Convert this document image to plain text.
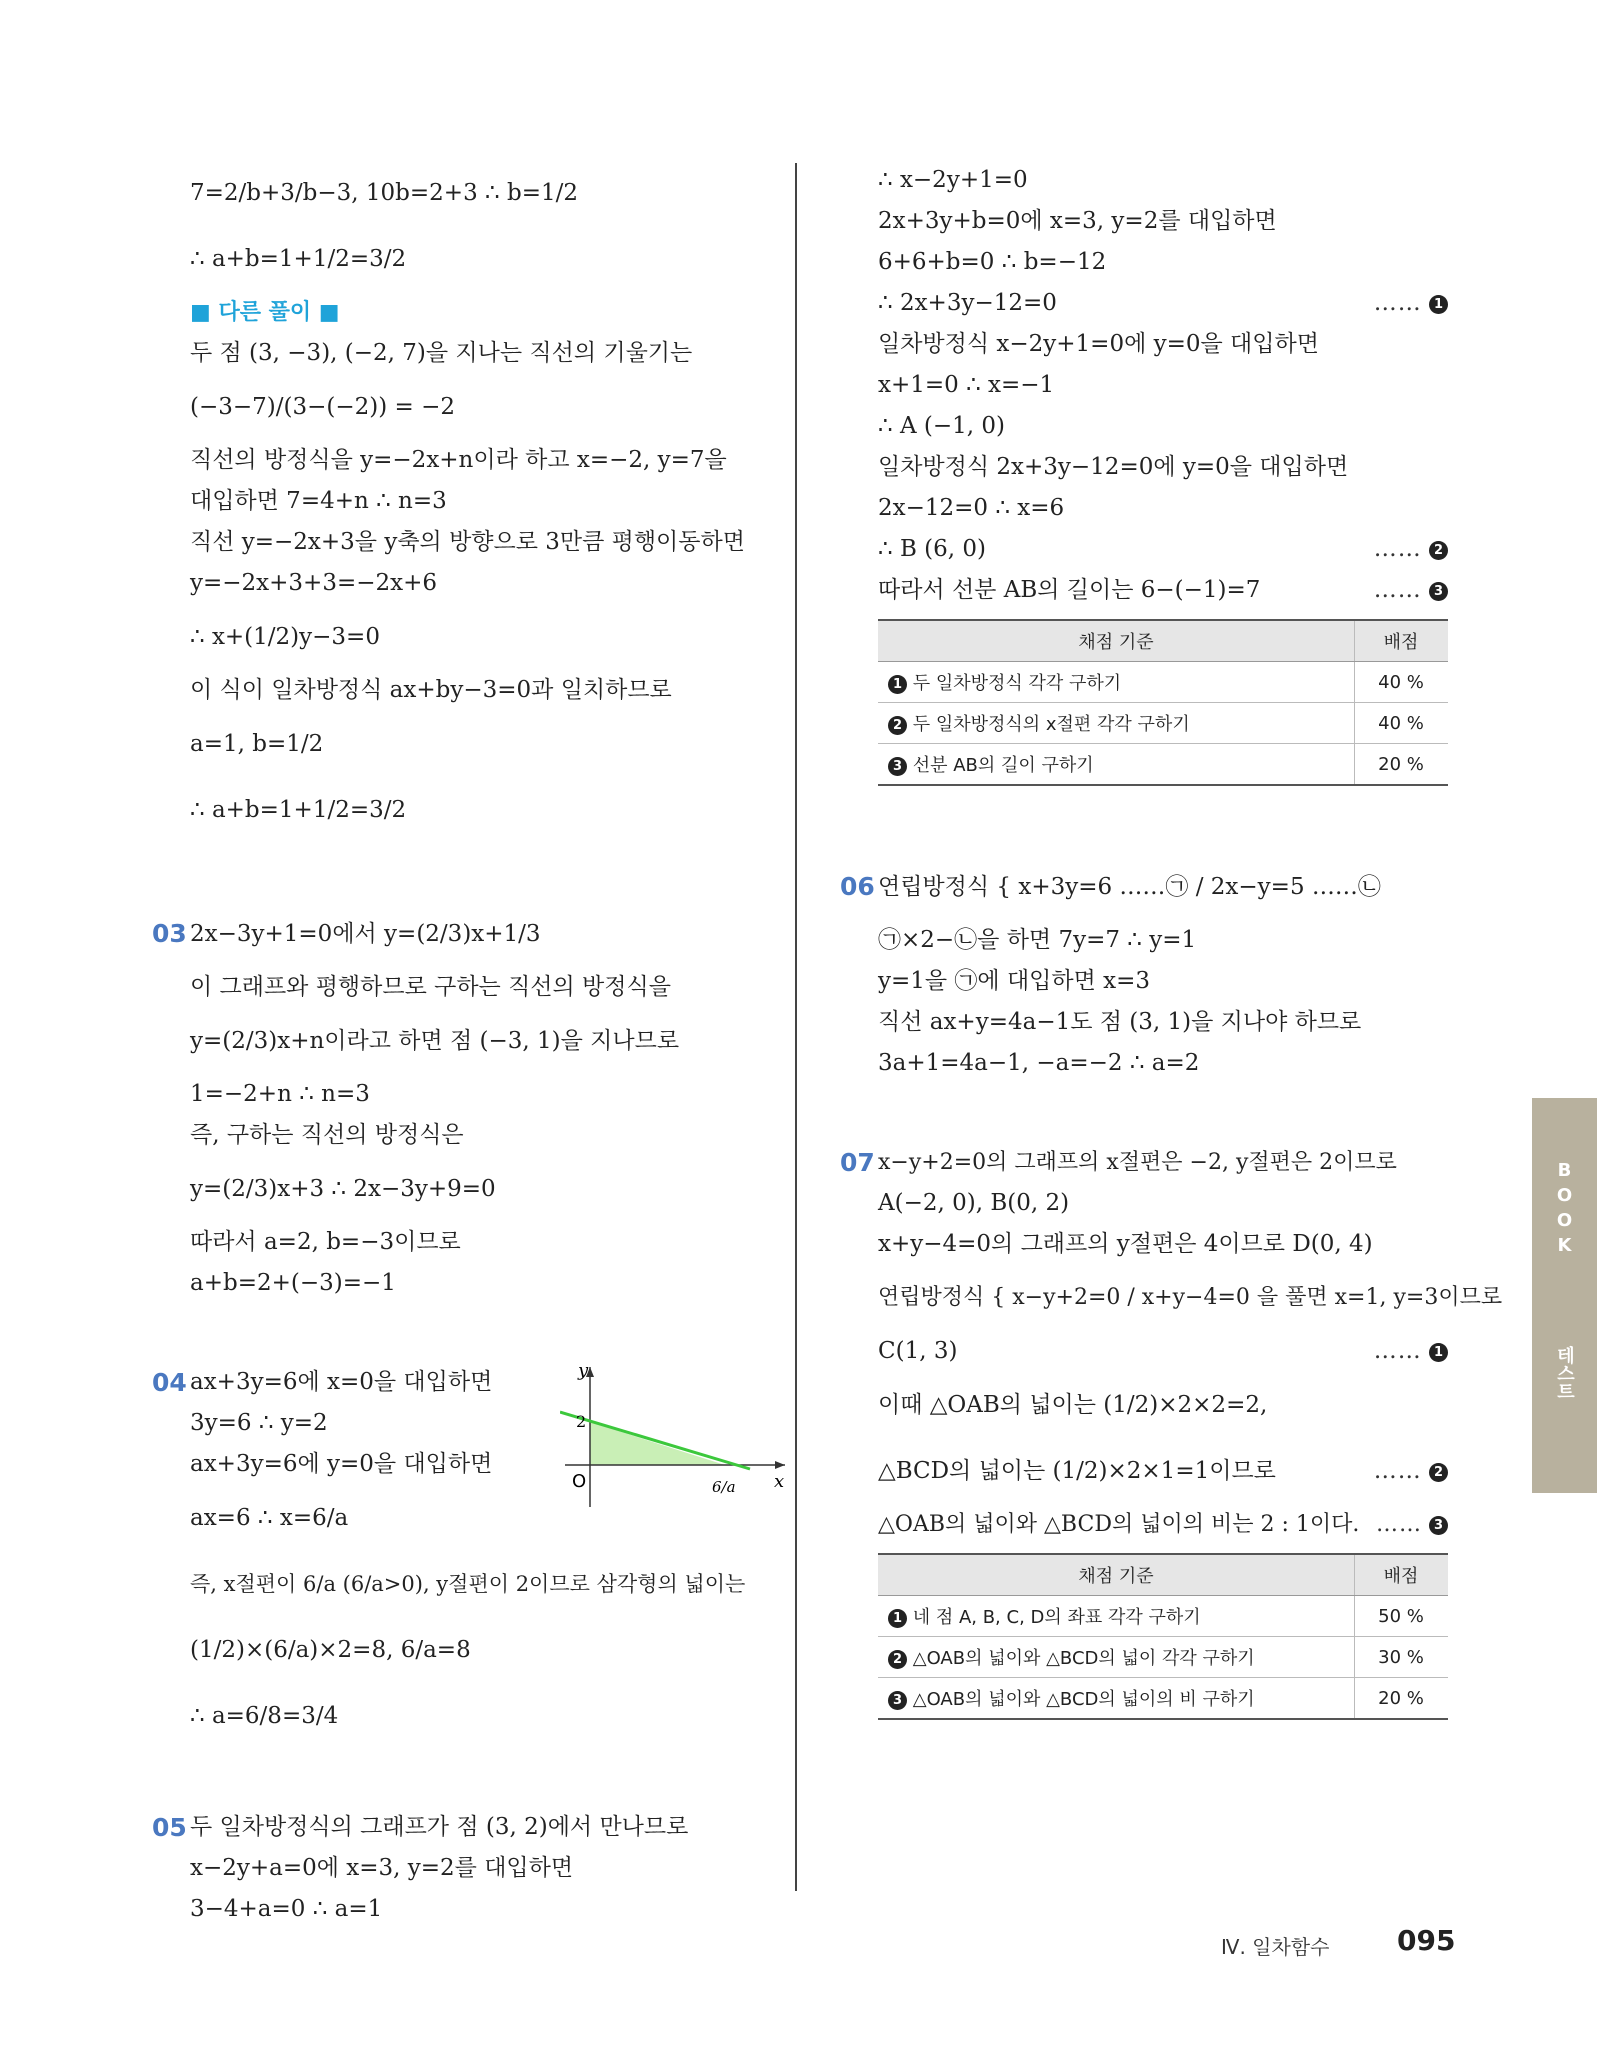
7=2/b+3/b−3, 10b=2+3 ∴ b=1/2
∴ a+b=1+1/2=3/2
■ 다른 풀이 ■
두 점 (3, −3), (−2, 7)을 지나는 직선의 기울기는
(−3−7)/(3−(−2)) = −2
직선의 방정식을 y=−2x+n이라 하고 x=−2, y=7을
대입하면 7=4+n ∴ n=3
직선 y=−2x+3을 y축의 방향으로 3만큼 평행이동하면
y=−2x+3+3=−2x+6
∴ x+(1/2)y−3=0
이 식이 일차방정식 ax+by−3=0과 일치하므로
a=1, b=1/2
∴ a+b=1+1/2=3/2
03 2x−3y+1=0에서 y=(2/3)x+1/3
이 그래프와 평행하므로 구하는 직선의 방정식을
y=(2/3)x+n이라고 하면 점 (−3, 1)을 지나므로
1=−2+n ∴ n=3
즉, 구하는 직선의 방정식은
y=(2/3)x+3 ∴ 2x−3y+9=0
따라서 a=2, b=−3이므로
a+b=2+(−3)=−1
y
x
O
2
6/a
04 ax+3y=6에 x=0을 대입하면
3y=6 ∴ y=2
ax+3y=6에 y=0을 대입하면
ax=6 ∴ x=6/a
즉, x절편이 6/a (6/a>0), y절편이 2이므로 삼각형의 넓이는
(1/2)×(6/a)×2=8, 6/a=8
∴ a=6/8=3/4
05 두 일차방정식의 그래프가 점 (3, 2)에서 만나므로
x−2y+a=0에 x=3, y=2를 대입하면
3−4+a=0 ∴ a=1
∴ x−2y+1=0
2x+3y+b=0에 x=3, y=2를 대입하면
6+6+b=0 ∴ b=−12
∴ 2x+3y−12=0	…… 1
일차방정식 x−2y+1=0에 y=0을 대입하면
x+1=0 ∴ x=−1
∴ A (−1, 0)
일차방정식 2x+3y−12=0에 y=0을 대입하면
2x−12=0 ∴ x=6
∴ B (6, 0)	…… 2
따라서 선분 AB의 길이는 6−(−1)=7	…… 3
채점 기준	배점
1 두 일차방정식 각각 구하기	40 %
2 두 일차방정식의 x절편 각각 구하기	40 %
3 선분 AB의 길이 구하기	20 %
06 연립방정식 { x+3y=6 ……㉠ / 2x−y=5 ……㉡
㉠×2−㉡을 하면 7y=7 ∴ y=1
y=1을 ㉠에 대입하면 x=3
직선 ax+y=4a−1도 점 (3, 1)을 지나야 하므로
3a+1=4a−1, −a=−2 ∴ a=2
07 x−y+2=0의 그래프의 x절편은 −2, y절편은 2이므로
A(−2, 0), B(0, 2)
x+y−4=0의 그래프의 y절편은 4이므로 D(0, 4)
연립방정식 { x−y+2=0 / x+y−4=0 을 풀면 x=1, y=3이므로
C(1, 3)	…… 1
이때 △OAB의 넓이는 (1/2)×2×2=2,
△BCD의 넓이는 (1/2)×2×1=1이므로	…… 2
△OAB의 넓이와 △BCD의 넓이의 비는 2 : 1이다. …… 3
채점 기준	배점
1 네 점 A, B, C, D의 좌표 각각 구하기	50 %
2 △OAB의 넓이와 △BCD의 넓이 각각 구하기	30 %
3 △OAB의 넓이와 △BCD의 넓이의 비 구하기	20 %
B
O
O
K
테스트
Ⅳ. 일차함수 095
